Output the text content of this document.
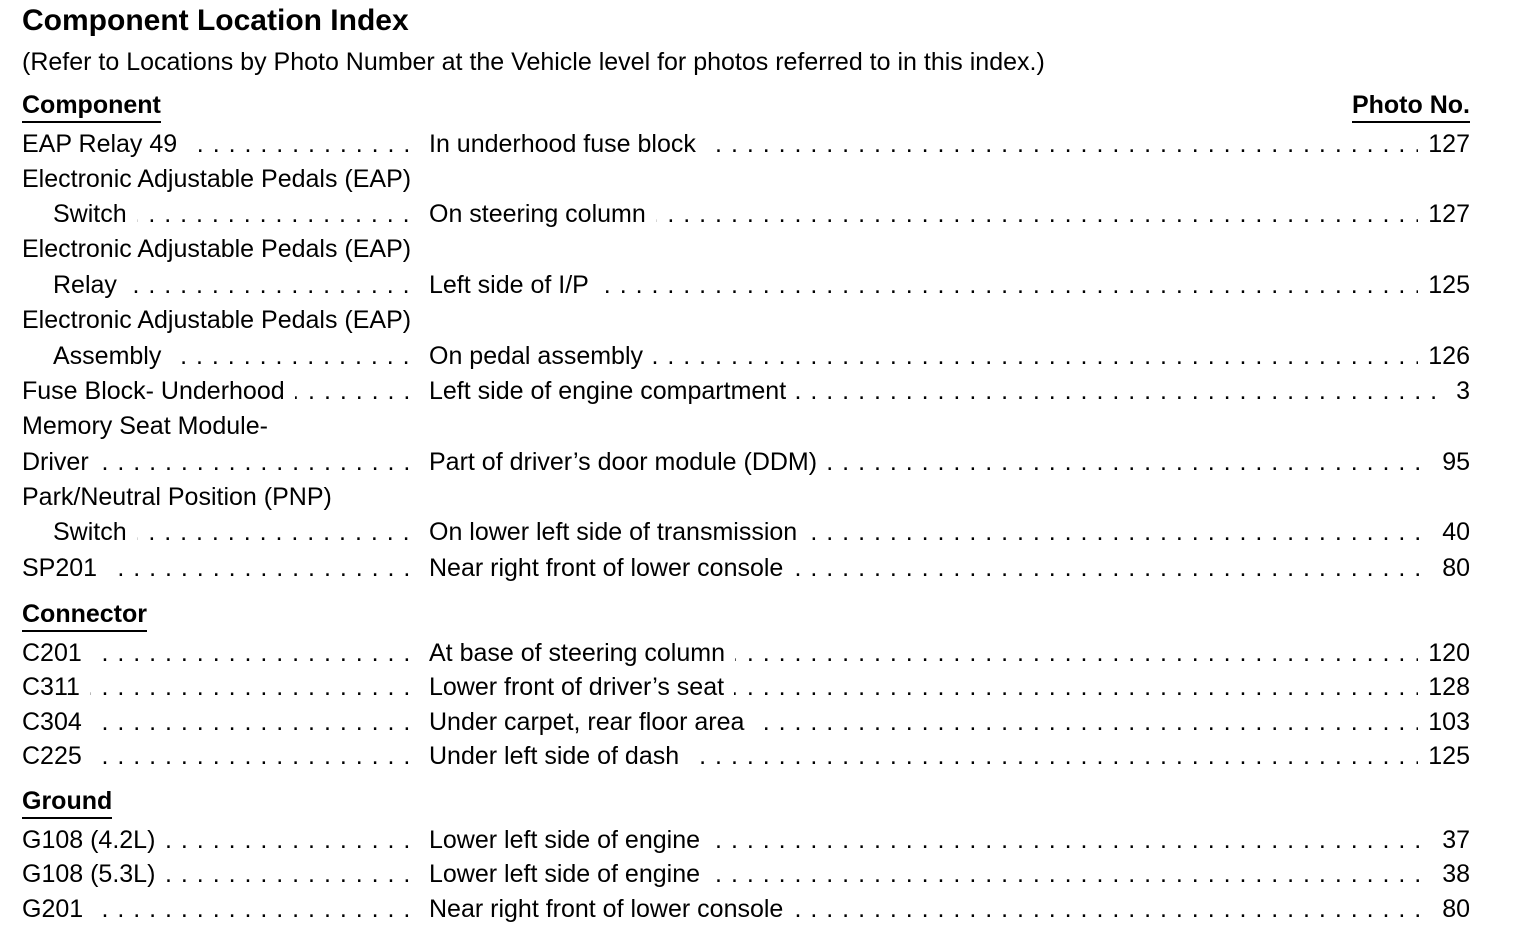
Component Location Index
(Refer to Locations by Photo Number at the Vehicle level for photos referred to in this index.)
Component	Photo No.
EAP Relay 49 . . .	In underhood fuse block . . .	127
Electronic Adjustable Pedals (EAP)
Switch . . .	On steering column . . .	127
Electronic Adjustable Pedals (EAP)
Relay . . .	Left side of I/P . . .	125
Electronic Adjustable Pedals (EAP)
Assembly . . .	On pedal assembly . . .	126
Fuse Block- Underhood . . .	Left side of engine compartment . . .	3
Memory Seat Module-
Driver . . .	Part of driver’s door module (DDM) . . .	95
Park/Neutral Position (PNP)
Switch . . .	On lower left side of transmission . . .	40
SP201 . . .	Near right front of lower console . . .	80
Connector
C201 . . .	At base of steering column . . .	120
C311 . . .	Lower front of driver’s seat . . .	128
C304 . . .	Under carpet, rear floor area . . .	103
C225 . . .	Under left side of dash . . .	125
Ground
G108 (4.2L) . . .	Lower left side of engine . . .	37
G108 (5.3L) . . .	Lower left side of engine . . .	38
G201 . . .	Near right front of lower console . . .	80
